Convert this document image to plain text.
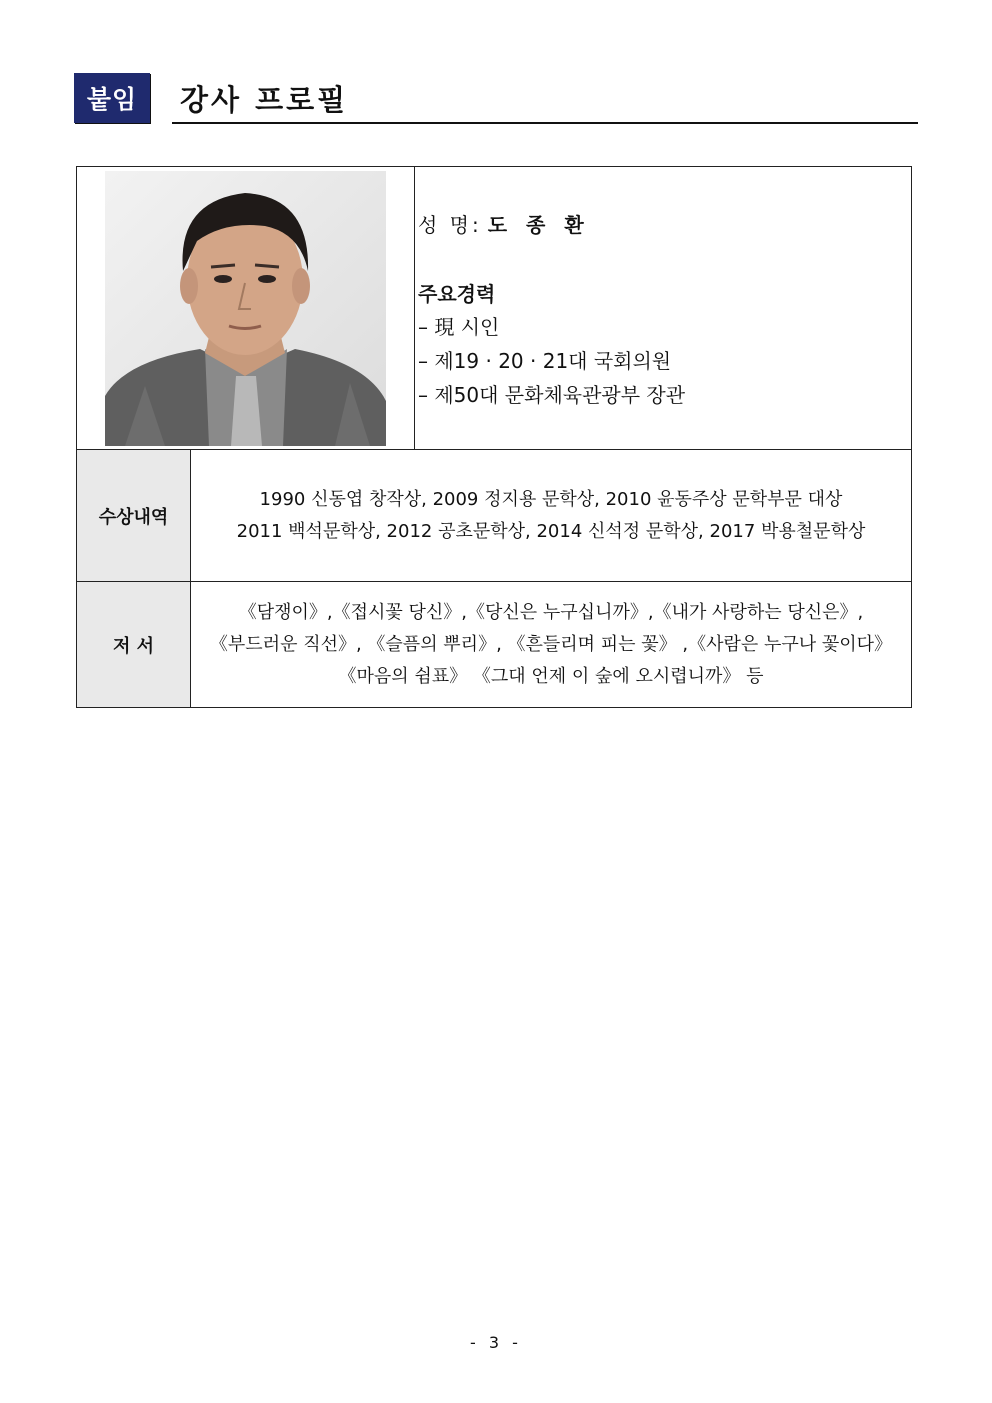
붙임	강사 프로필
성 명: 도 종 환
주요경력
– 現 시인
– 제19 · 20 · 21대 국회의원
– 제50대 문화체육관광부 장관
수상내역
1990 신동엽 창작상, 2009 정지용 문학상, 2010 윤동주상 문학부문 대상
2011 백석문학상, 2012 공초문학상, 2014 신석정 문학상, 2017 박용철문학상
저 서
《담쟁이》,《접시꽃 당신》,《당신은 누구십니까》,《내가 사랑하는 당신은》,
《부드러운 직선》, 《슬픔의 뿌리》, 《흔들리며 피는 꽃》 ,《사람은 누구나 꽃이다》
《마음의 쉼표》 《그대 언제 이 숲에 오시렵니까》 등
- 3 -
